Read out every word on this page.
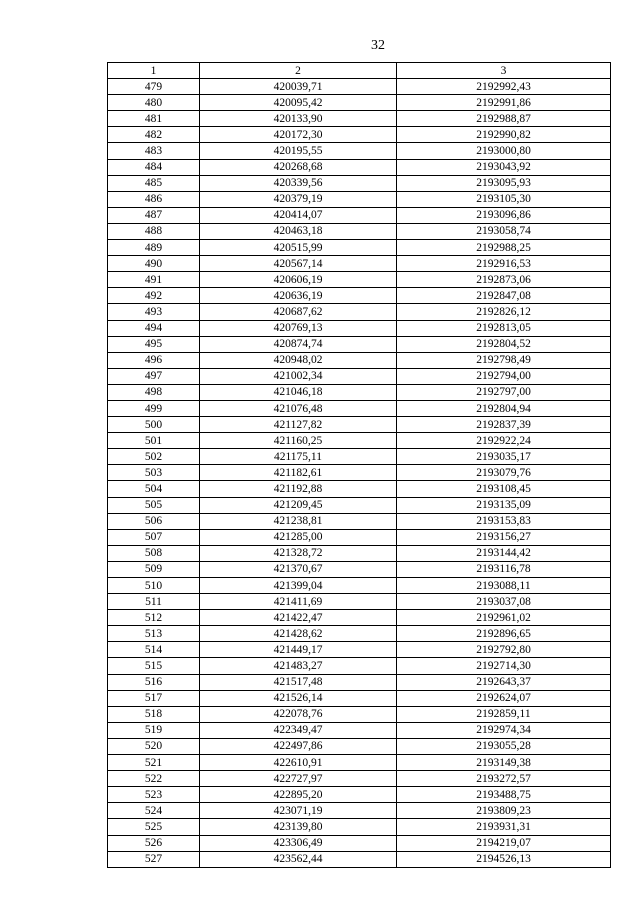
32
1	2	3
479	420039,71	2192992,43
480	420095,42	2192991,86
481	420133,90	2192988,87
482	420172,30	2192990,82
483	420195,55	2193000,80
484	420268,68	2193043,92
485	420339,56	2193095,93
486	420379,19	2193105,30
487	420414,07	2193096,86
488	420463,18	2193058,74
489	420515,99	2192988,25
490	420567,14	2192916,53
491	420606,19	2192873,06
492	420636,19	2192847,08
493	420687,62	2192826,12
494	420769,13	2192813,05
495	420874,74	2192804,52
496	420948,02	2192798,49
497	421002,34	2192794,00
498	421046,18	2192797,00
499	421076,48	2192804,94
500	421127,82	2192837,39
501	421160,25	2192922,24
502	421175,11	2193035,17
503	421182,61	2193079,76
504	421192,88	2193108,45
505	421209,45	2193135,09
506	421238,81	2193153,83
507	421285,00	2193156,27
508	421328,72	2193144,42
509	421370,67	2193116,78
510	421399,04	2193088,11
511	421411,69	2193037,08
512	421422,47	2192961,02
513	421428,62	2192896,65
514	421449,17	2192792,80
515	421483,27	2192714,30
516	421517,48	2192643,37
517	421526,14	2192624,07
518	422078,76	2192859,11
519	422349,47	2192974,34
520	422497,86	2193055,28
521	422610,91	2193149,38
522	422727,97	2193272,57
523	422895,20	2193488,75
524	423071,19	2193809,23
525	423139,80	2193931,31
526	423306,49	2194219,07
527	423562,44	2194526,13
